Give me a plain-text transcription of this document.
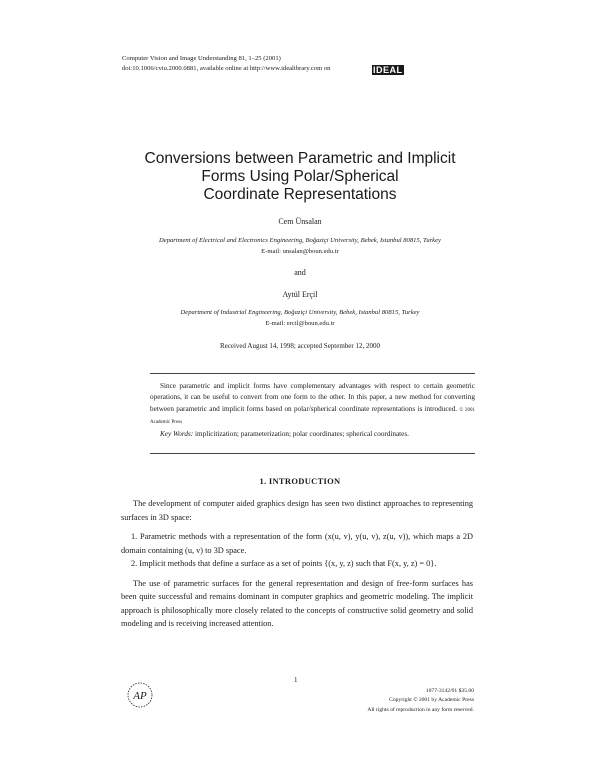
Computer Vision and Image Understanding 81, 1–25 (2001)
doi:10.1006/cviu.2000.0881, available online at http://www.idealibrary.com on	IDEAL
Conversions between Parametric and Implicit
Forms Using Polar/Spherical
Coordinate Representations
Cem Ünsalan
Department of Electrical and Electronics Engineering, Boğaziçi University, Bebek, Istanbul 80815, Turkey
E-mail: unsalan@boun.edu.tr
and
Aytül Erçil
Department of Industrial Engineering, Boğaziçi University, Bebek, Istanbul 80815, Turkey
E-mail: ercil@boun.edu.tr
Received August 14, 1998; accepted September 12, 2000

Since parametric and implicit forms have complementary advantages with respect to certain geometric operations, it can be useful to convert from one form to the other. In this paper, a new method for converting between parametric and implicit forms based on polar/spherical coordinate representations is introduced. © 2001 Academic Press

Key Words: implicitization; parameterization; polar coordinates; spherical coordinates.

1. INTRODUCTION

The development of computer aided graphics design has seen two distinct approaches to representing surfaces in 3D space:

1. Parametric methods with a representation of the form (x(u, v), y(u, v), z(u, v)), which maps a 2D domain containing (u, v) to 3D space.

2. Implicit methods that define a surface as a set of points {(x, y, z) such that F(x, y, z) = 0}.

The use of parametric surfaces for the general representation and design of free-form surfaces has been quite successful and remains dominant in computer graphics and geometric modeling. The implicit approach is philosophically more closely related to the concepts of constructive solid geometry and solid modeling and is receiving increased attention.

1
AP	1077-3142/01 $35.00
Copyright © 2001 by Academic Press
All rights of reproduction in any form reserved.
